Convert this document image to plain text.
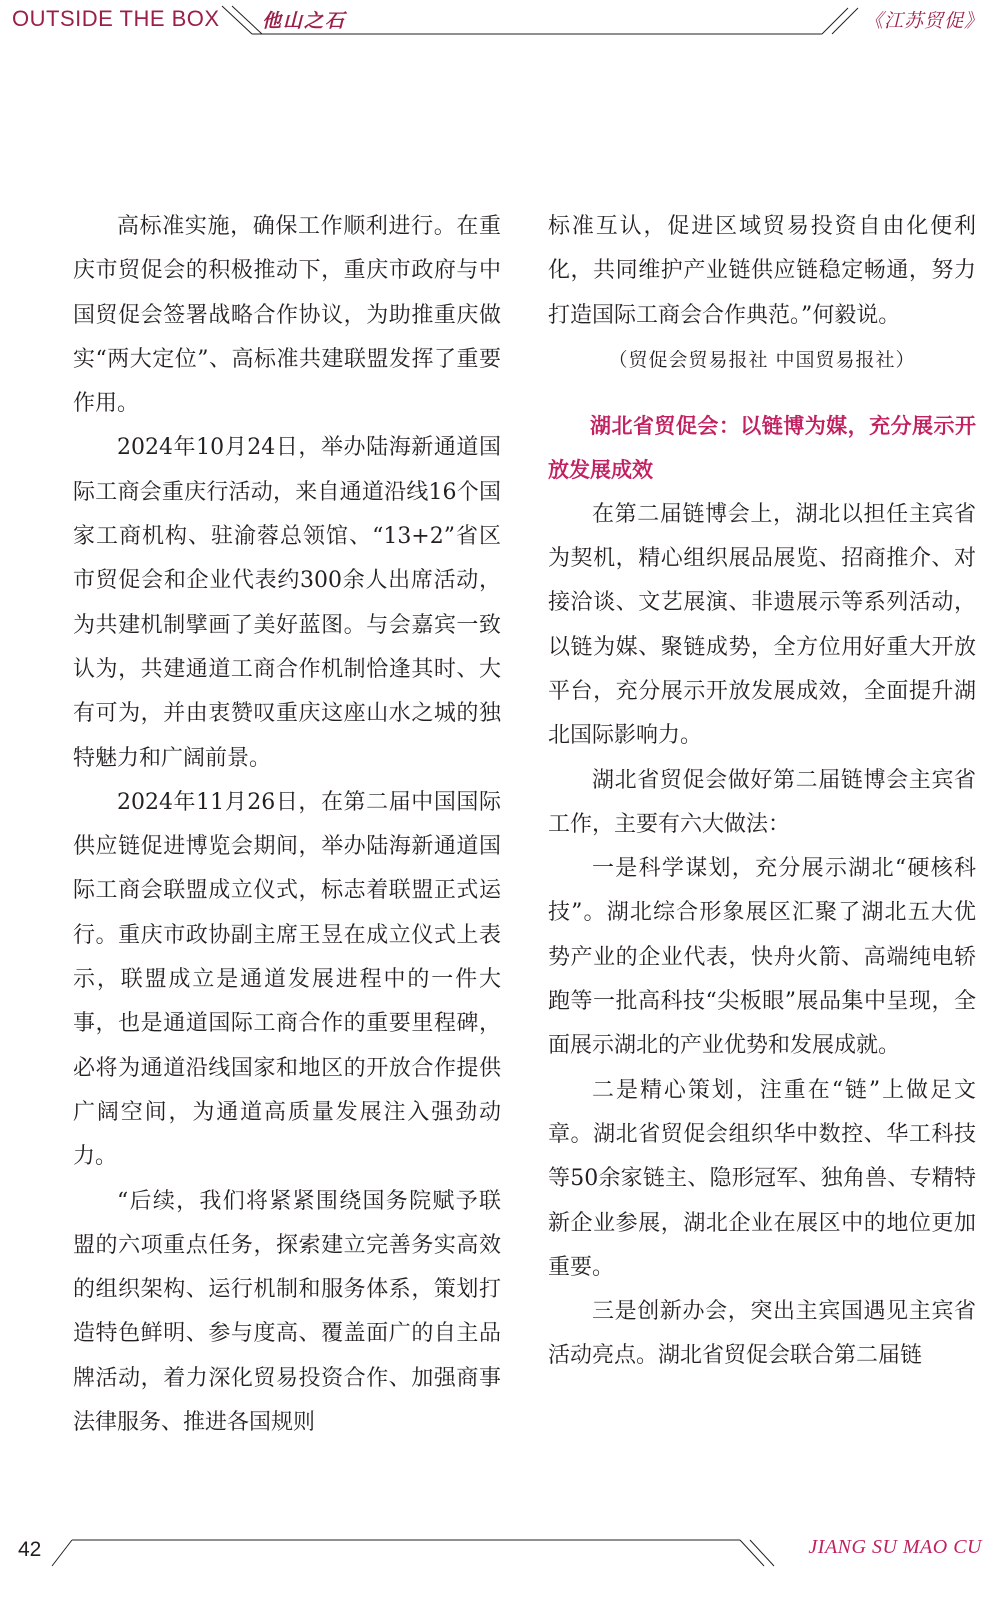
OUTSIDE THE BOX 他山之石	《江苏贸促》

高标准实施，确保工作顺利进行。在重庆市贸促会的积极推动下，重庆市政府与中国贸促会签署战略合作协议，为助推重庆做实“两大定位”、高标准共建联盟发挥了重要作用。

2024年10月24日，举办陆海新通道国际工商会重庆行活动，来自通道沿线16个国家工商机构、驻渝蓉总领馆、“13+2”省区市贸促会和企业代表约300余人出席活动，为共建机制擘画了美好蓝图。与会嘉宾一致认为，共建通道工商合作机制恰逢其时、大有可为，并由衷赞叹重庆这座山水之城的独特魅力和广阔前景。

2024年11月26日，在第二届中国国际供应链促进博览会期间，举办陆海新通道国际工商会联盟成立仪式，标志着联盟正式运行。重庆市政协副主席王昱在成立仪式上表示，联盟成立是通道发展进程中的一件大事，也是通道国际工商合作的重要里程碑，必将为通道沿线国家和地区的开放合作提供广阔空间，为通道高质量发展注入强劲动力。

“后续，我们将紧紧围绕国务院赋予联盟的六项重点任务，探索建立完善务实高效的组织架构、运行机制和服务体系，策划打造特色鲜明、参与度高、覆盖面广的自主品牌活动，着力深化贸易投资合作、加强商事法律服务、推进各国规则

标准互认，促进区域贸易投资自由化便利化，共同维护产业链供应链稳定畅通，努力打造国际工商会合作典范。”何毅说。

（贸促会贸易报社 中国贸易报社）

湖北省贸促会：以链博为媒，充分展示开放发展成效

在第二届链博会上，湖北以担任主宾省为契机，精心组织展品展览、招商推介、对接洽谈、文艺展演、非遗展示等系列活动，以链为媒、聚链成势，全方位用好重大开放平台，充分展示开放发展成效，全面提升湖北国际影响力。

湖北省贸促会做好第二届链博会主宾省工作，主要有六大做法：

一是科学谋划，充分展示湖北“硬核科技”。湖北综合形象展区汇聚了湖北五大优势产业的企业代表，快舟火箭、高端纯电轿跑等一批高科技“尖板眼”展品集中呈现，全面展示湖北的产业优势和发展成就。

二是精心策划，注重在“链”上做足文章。湖北省贸促会组织华中数控、华工科技等50余家链主、隐形冠军、独角兽、专精特新企业参展，湖北企业在展区中的地位更加重要。

三是创新办会，突出主宾国遇见主宾省活动亮点。湖北省贸促会联合第二届链

42	JIANG SU MAO CU
